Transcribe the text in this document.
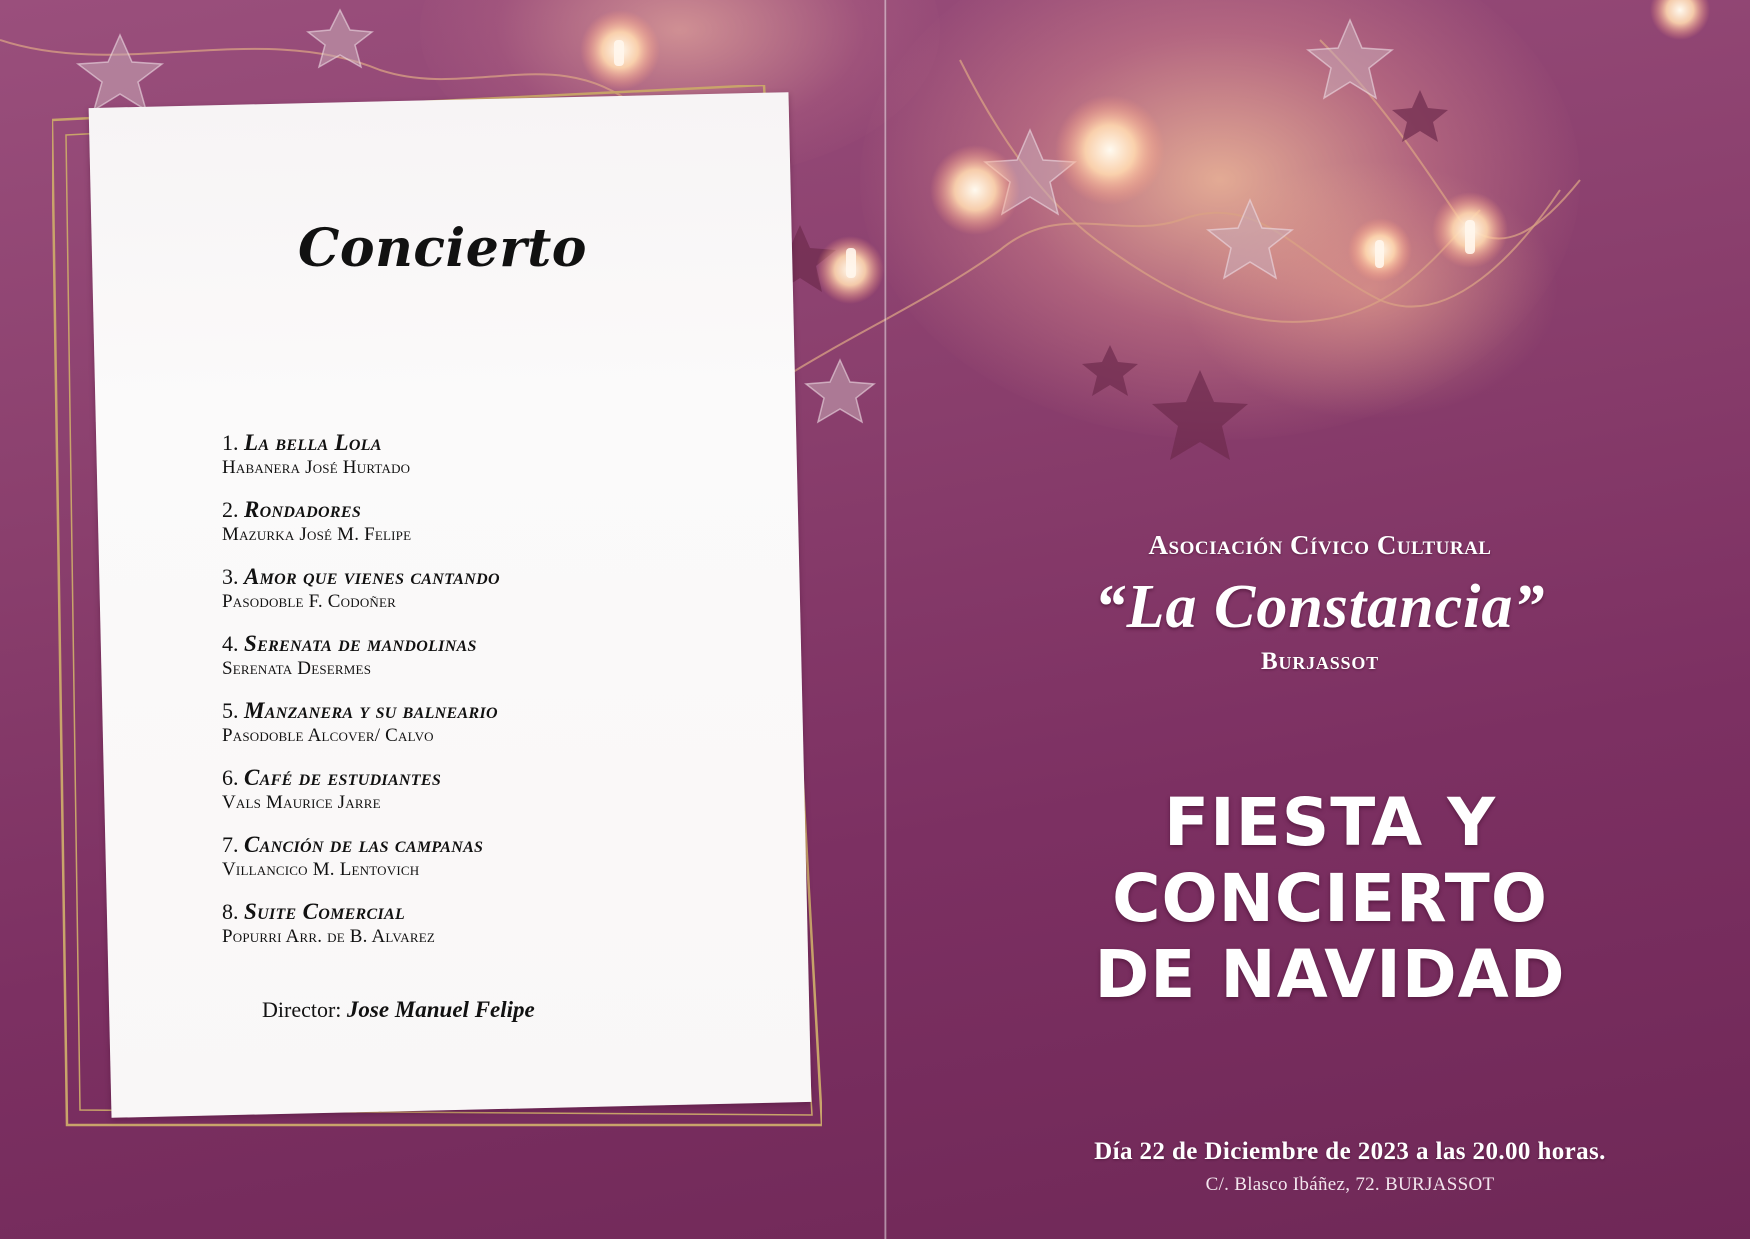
Concierto
1. La bella Lola
Habanera José Hurtado
2. Rondadores
Mazurka José M. Felipe
3. Amor que vienes cantando
Pasodoble F. Codoñer
4. Serenata de mandolinas
Serenata Desermes
5. Manzanera y su balneario
Pasodoble Alcover/ Calvo
6. Café de estudiantes
Vals Maurice Jarre
7. Canción de las campanas
Villancico M. Lentovich
8. Suite Comercial
Popurri Arr. de B. Alvarez
Director: Jose Manuel Felipe
Asociación Cívico Cultural
“La Constancia”
Burjassot
FIESTA Y
CONCIERTO
DE NAVIDAD
Día 22 de Diciembre de 2023 a las 20.00 horas.
C/. Blasco Ibáñez, 72. BURJASSOT
